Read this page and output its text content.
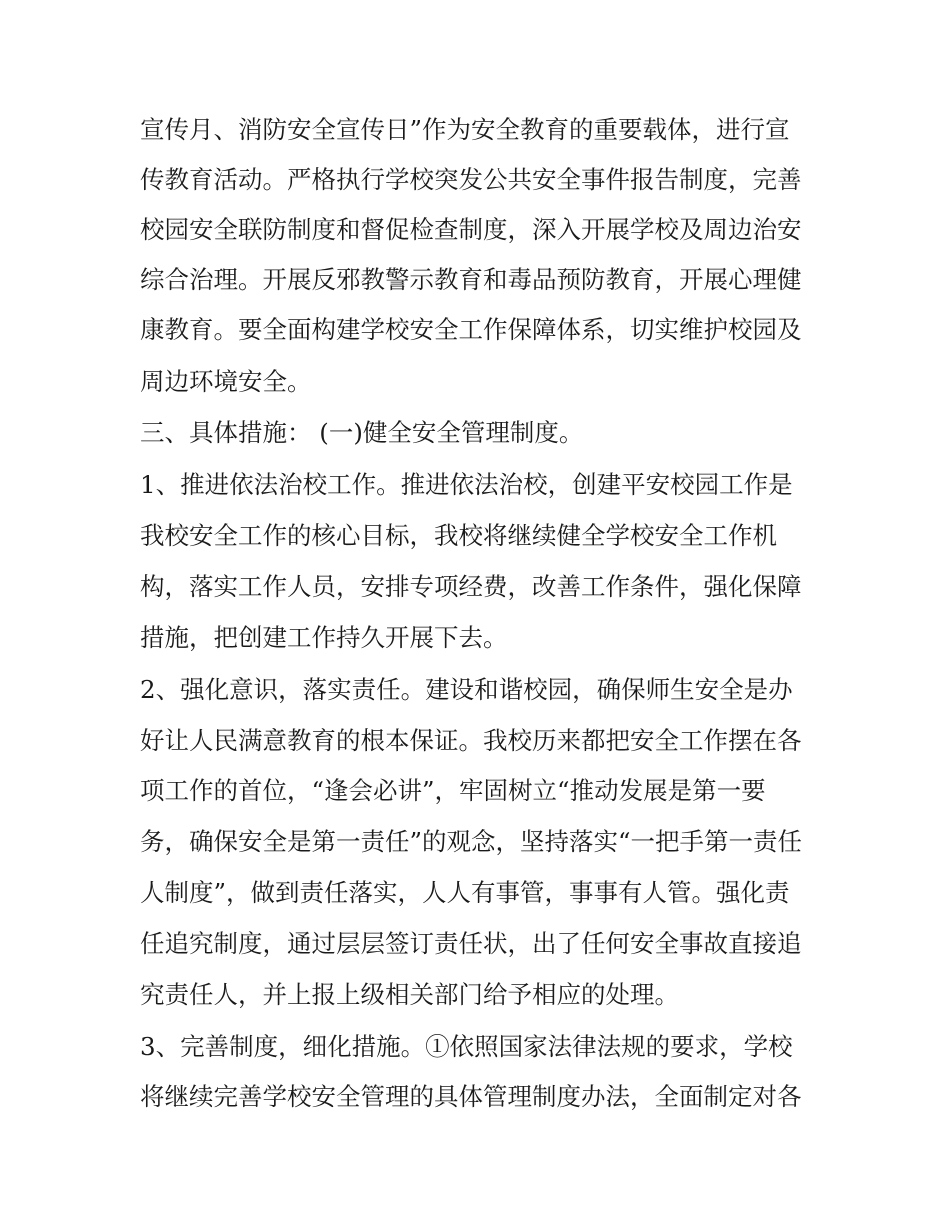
宣传月、消防安全宣传日”作为安全教育的重要载体，进行宣
传教育活动。严格执行学校突发公共安全事件报告制度，完善
校园安全联防制度和督促检查制度，深入开展学校及周边治安
综合治理。开展反邪教警示教育和毒品预防教育，开展心理健
康教育。要全面构建学校安全工作保障体系，切实维护校园及
周边环境安全。
三、具体措施： (一)健全安全管理制度。
1、推进依法治校工作。推进依法治校，创建平安校园工作是
我校安全工作的核心目标，我校将继续健全学校安全工作机
构，落实工作人员，安排专项经费，改善工作条件，强化保障
措施，把创建工作持久开展下去。
2、强化意识，落实责任。建设和谐校园，确保师生安全是办
好让人民满意教育的根本保证。我校历来都把安全工作摆在各
项工作的首位，“逢会必讲”，牢固树立“推动发展是第一要
务，确保安全是第一责任”的观念，坚持落实“一把手第一责任
人制度”，做到责任落实，人人有事管，事事有人管。强化责
任追究制度，通过层层签订责任状，出了任何安全事故直接追
究责任人，并上报上级相关部门给予相应的处理。
3、完善制度，细化措施。①依照国家法律法规的要求，学校
将继续完善学校安全管理的具体管理制度办法，全面制定对各
